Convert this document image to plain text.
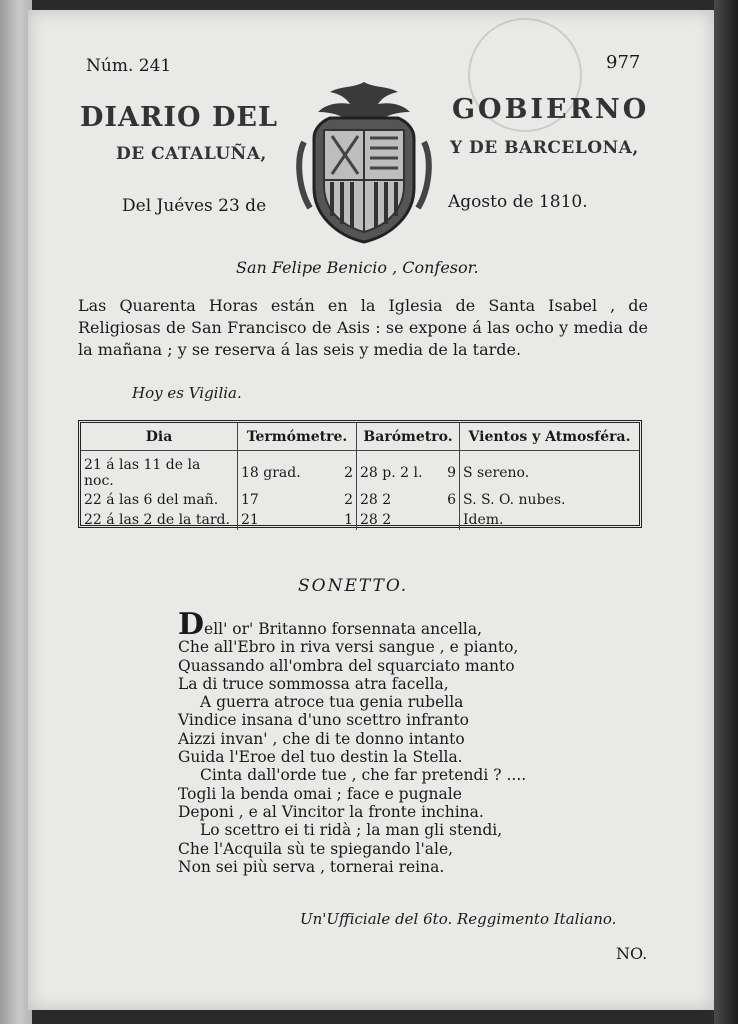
Núm. 241	977
DIARIO DEL	GOBIERNO
DE CATALUÑA,	Y DE BARCELONA,
Del Juéves 23 de	Agosto de 1810.
San Felipe Benicio , Confesor.
Las Quarenta Horas están en la Iglesia de Santa Isabel , de Religiosas de San Francisco de Asis : se expone á las ocho y media de la mañana ; y se reserva á las seis y media de la tarde.
Hoy es Vigilia.
Dia	Termómetre.	Barómetro.	Vientos y Atmosféra.
21 á las 11 de la noc.	18 grad. 2	28 p. 2 l. 9	S sereno.
22 á las 6 del mañ.	17 2	28 2 6	S. S. O. nubes.
22 á las 2 de la tard.	21 1	28 2	Idem.
SONETTO.
Dell' or' Britanno forsennata ancella,
Che all'Ebro in riva versi sangue , e pianto,
Quassando all'ombra del squarciato manto
La di truce sommossa atra facella,
A guerra atroce tua genia rubella
Vindice insana d'uno scettro infranto
Aizzi invan' , che di te donno intanto
Guida l'Eroe del tuo destin la Stella.
Cinta dall'orde tue , che far pretendi ? ....
Togli la benda omai ; face e pugnale
Deponi , e al Vincitor la fronte inchina.
Lo scettro ei ti ridà ; la man gli stendi,
Che l'Acquila sù te spiegando l'ale,
Non sei più serva , tornerai reina.
Un'Ufficiale del 6to. Reggimento Italiano.
NO.
